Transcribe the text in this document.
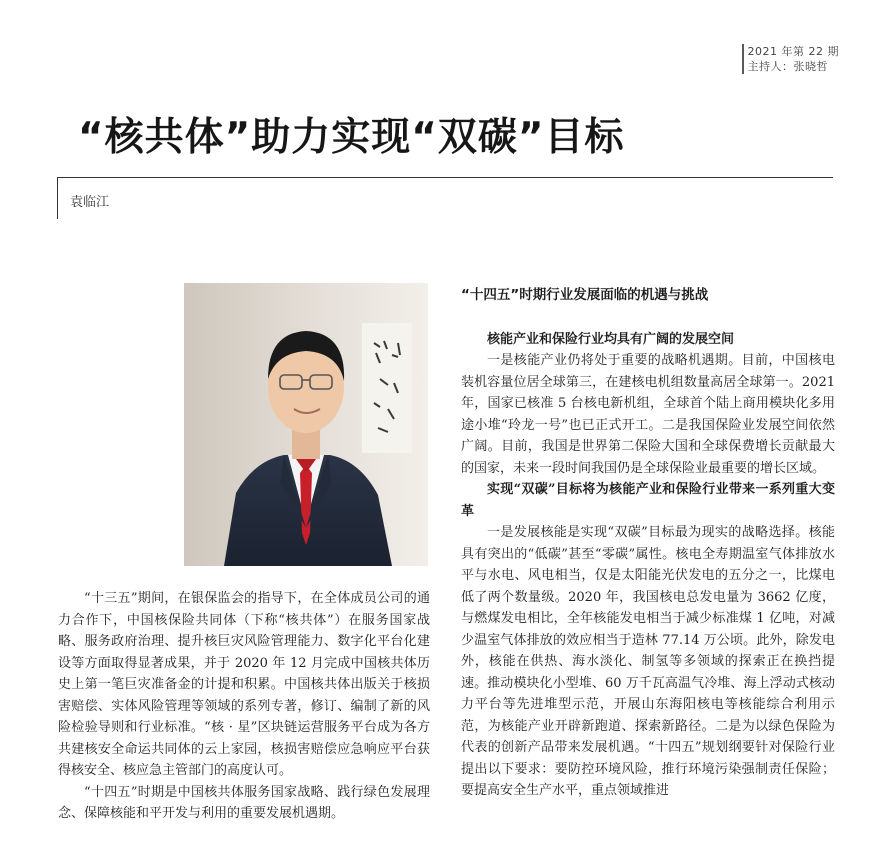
2021 年第 22 期
主持人：张晓哲
“核共体”助力实现“双碳”目标
袁临江

“十三五”期间，在银保监会的指导下，在全体成员公司的通力合作下，中国核保险共同体（下称“核共体”）在服务国家战略、服务政府治理、提升核巨灾风险管理能力、数字化平台化建设等方面取得显著成果，并于 2020 年 12 月完成中国核共体历史上第一笔巨灾准备金的计提和积累。中国核共体出版关于核损害赔偿、实体风险管理等领域的系列专著，修订、编制了新的风险检验导则和行业标准。“核 · 星”区块链运营服务平台成为各方共建核安全命运共同体的云上家园，核损害赔偿应急响应平台获得核安全、核应急主管部门的高度认可。

“十四五”时期是中国核共体服务国家战略、践行绿色发展理念、保障核能和平开发与利用的重要发展机遇期。

“十四五”时期行业发展面临的机遇与挑战

核能产业和保险行业均具有广阔的发展空间

一是核能产业仍将处于重要的战略机遇期。目前，中国核电装机容量位居全球第三，在建核电机组数量高居全球第一。2021 年，国家已核准 5 台核电新机组，全球首个陆上商用模块化多用途小堆“玲龙一号”也已正式开工。二是我国保险业发展空间依然广阔。目前，我国是世界第二保险大国和全球保费增长贡献最大的国家，未来一段时间我国仍是全球保险业最重要的增长区域。

实现“双碳”目标将为核能产业和保险行业带来一系列重大变革

一是发展核能是实现“双碳”目标最为现实的战略选择。核能具有突出的“低碳”甚至“零碳”属性。核电全寿期温室气体排放水平与水电、风电相当，仅是太阳能光伏发电的五分之一，比煤电低了两个数量级。2020 年，我国核电总发电量为 3662 亿度，与燃煤发电相比，全年核能发电相当于减少标准煤 1 亿吨，对减少温室气体排放的效应相当于造林 77.14 万公顷。此外，除发电外，核能在供热、海水淡化、制氢等多领域的探索正在换挡提速。推动模块化小型堆、60 万千瓦高温气冷堆、海上浮动式核动力平台等先进堆型示范，开展山东海阳核电等核能综合利用示范，为核能产业开辟新跑道、探索新路径。二是为以绿色保险为代表的创新产品带来发展机遇。“十四五”规划纲要针对保险行业提出以下要求：要防控环境风险，推行环境污染强制责任保险；要提高安全生产水平，重点领域推进
